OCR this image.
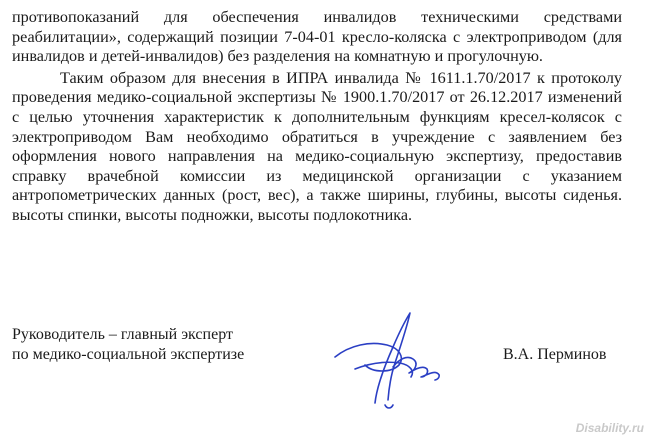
противопоказаний для обеспечения инвалидов техническими средствами реабилитации», содержащий позиции 7-04-01 кресло-коляска с электроприводом (для инвалидов и детей-инвалидов) без разделения на комнатную и прогулочную.

Таким образом для внесения в ИПРА инвалида № 1611.1.70/2017 к протоколу проведения медико-социальной экспертизы № 1900.1.70/2017 от 26.12.2017 изменений с целью уточнения характеристик к дополнительным функциям кресел-колясок с электроприводом Вам необходимо обратиться в учреждение с заявлением без оформления нового направления на медико-социальную экспертизу, предоставив справку врачебной комиссии из медицинской организации с указанием антропометрических данных (рост, вес), а также ширины, глубины, высоты сиденья. высоты спинки, высоты подножки, высоты подлокотника.

Руководитель – главный эксперт
по медико-социальной экспертизе	В.А. Перминов
Disability.ru
